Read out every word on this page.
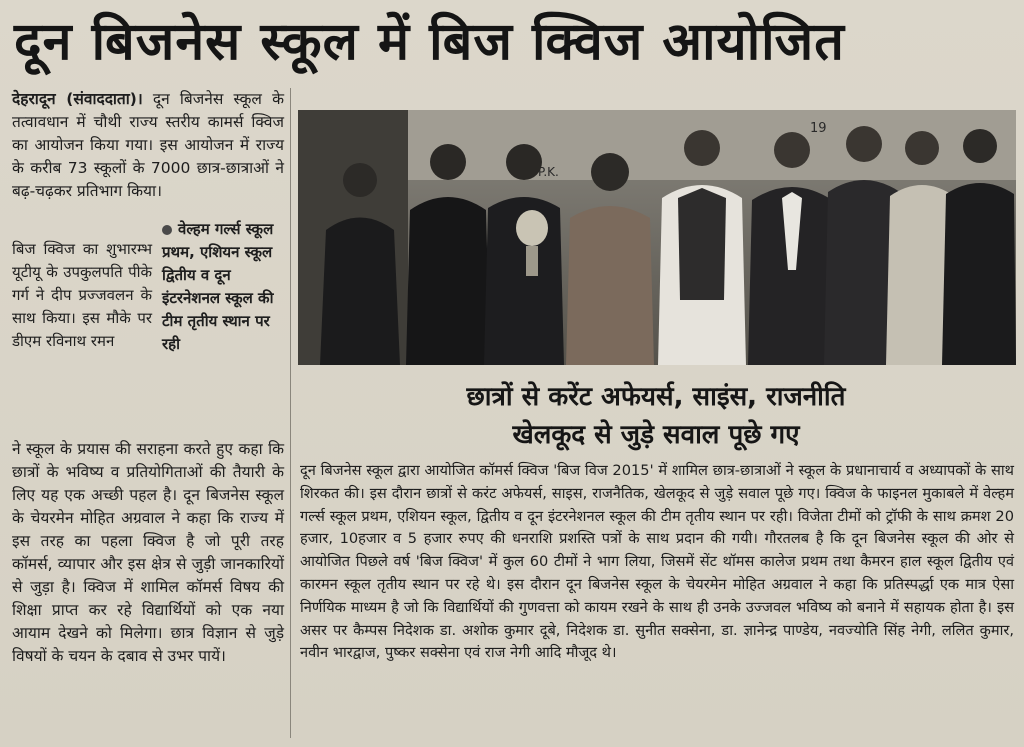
दून बिजनेस स्कूल में बिज क्विज आयोजित

देहरादून (संवाददाता)। दून बिजनेस स्कूल के तत्वावधान में चौथी राज्य स्तरीय कामर्स क्विज का आयोजन किया गया। इस आयोजन में राज्य के करीब 73 स्कूलों के 7000 छात्र-छात्राओं ने बढ़-चढ़कर प्रतिभाग किया।

बिज क्विज का शुभारम्भ यूटीयू के उपकुलपति पीके गर्ग ने दीप प्रज्जवलन के साथ किया। इस मौके पर डीएम रविनाथ रमन

वेल्हम गर्ल्स स्कूल प्रथम, एशियन स्कूल द्वितीय व दून इंटरनेशनल स्कूल की टीम तृतीय स्थान पर रही

ने स्कूल के प्रयास की सराहना करते हुए कहा कि छात्रों के भविष्य व प्रतियोगिताओं की तैयारी के लिए यह एक अच्छी पहल है। दून बिजनेस स्कूल के चेयरमेन मोहित अग्रवाल ने कहा कि राज्य में इस तरह का पहला क्विज है जो पूरी तरह कॉमर्स, व्यापार और इस क्षेत्र से जुड़ी जानकारियों से जुड़ा है। क्विज में शामिल कॉमर्स विषय की शिक्षा प्राप्त कर रहे विद्यार्थियों को एक नया आयाम देखने को मिलेगा। छात्र विज्ञान से जुड़े विषयों के चयन के दबाव से उभर पायें।

19
P.K.
छात्रों से करेंट अफेयर्स, साइंस, राजनीति
खेलकूद से जुड़े सवाल पूछे गए

दून बिजनेस स्कूल द्वारा आयोजित कॉमर्स क्विज 'बिज विज 2015' में शामिल छात्र-छात्राओं ने स्कूल के प्रधानाचार्य व अध्यापकों के साथ शिरकत की। इस दौरान छात्रों से करंट अफेयर्स, साइस, राजनैतिक, खेलकूद से जुड़े सवाल पूछे गए। क्विज के फाइनल मुकाबले में वेल्हम गर्ल्स स्कूल प्रथम, एशियन स्कूल, द्वितीय व दून इंटरनेशनल स्कूल की टीम तृतीय स्थान पर रही। विजेता टीमों को ट्रॉफी के साथ क्रमश 20 हजार, 10हजार व 5 हजार रुपए की धनराशि प्रशस्ति पत्रों के साथ प्रदान की गयी। गौरतलब है कि दून बिजनेस स्कूल की ओर से आयोजित पिछले वर्ष 'बिज क्विज' में कुल 60 टीमों ने भाग लिया, जिसमें सेंट थॉमस कालेज प्रथम तथा कैमरन हाल स्कूल द्वितीय एवं कारमन स्कूल तृतीय स्थान पर रहे थे। इस दौरान दून बिजनेस स्कूल के चेयरमेन मोहित अग्रवाल ने कहा कि प्रतिस्पर्द्धा एक मात्र ऐसा निर्णयिक माध्यम है जो कि विद्यार्थियों की गुणवत्ता को कायम रखने के साथ ही उनके उज्जवल भविष्य को बनाने में सहायक होता है। इस असर पर कैम्पस निदेशक डा. अशोक कुमार दूबे, निदेशक डा. सुनीत सक्सेना, डा. ज्ञानेन्द्र पाण्डेय, नवज्योति सिंह नेगी, ललित कुमार, नवीन भारद्वाज, पुष्कर सक्सेना एवं राज नेगी आदि मौजूद थे।
